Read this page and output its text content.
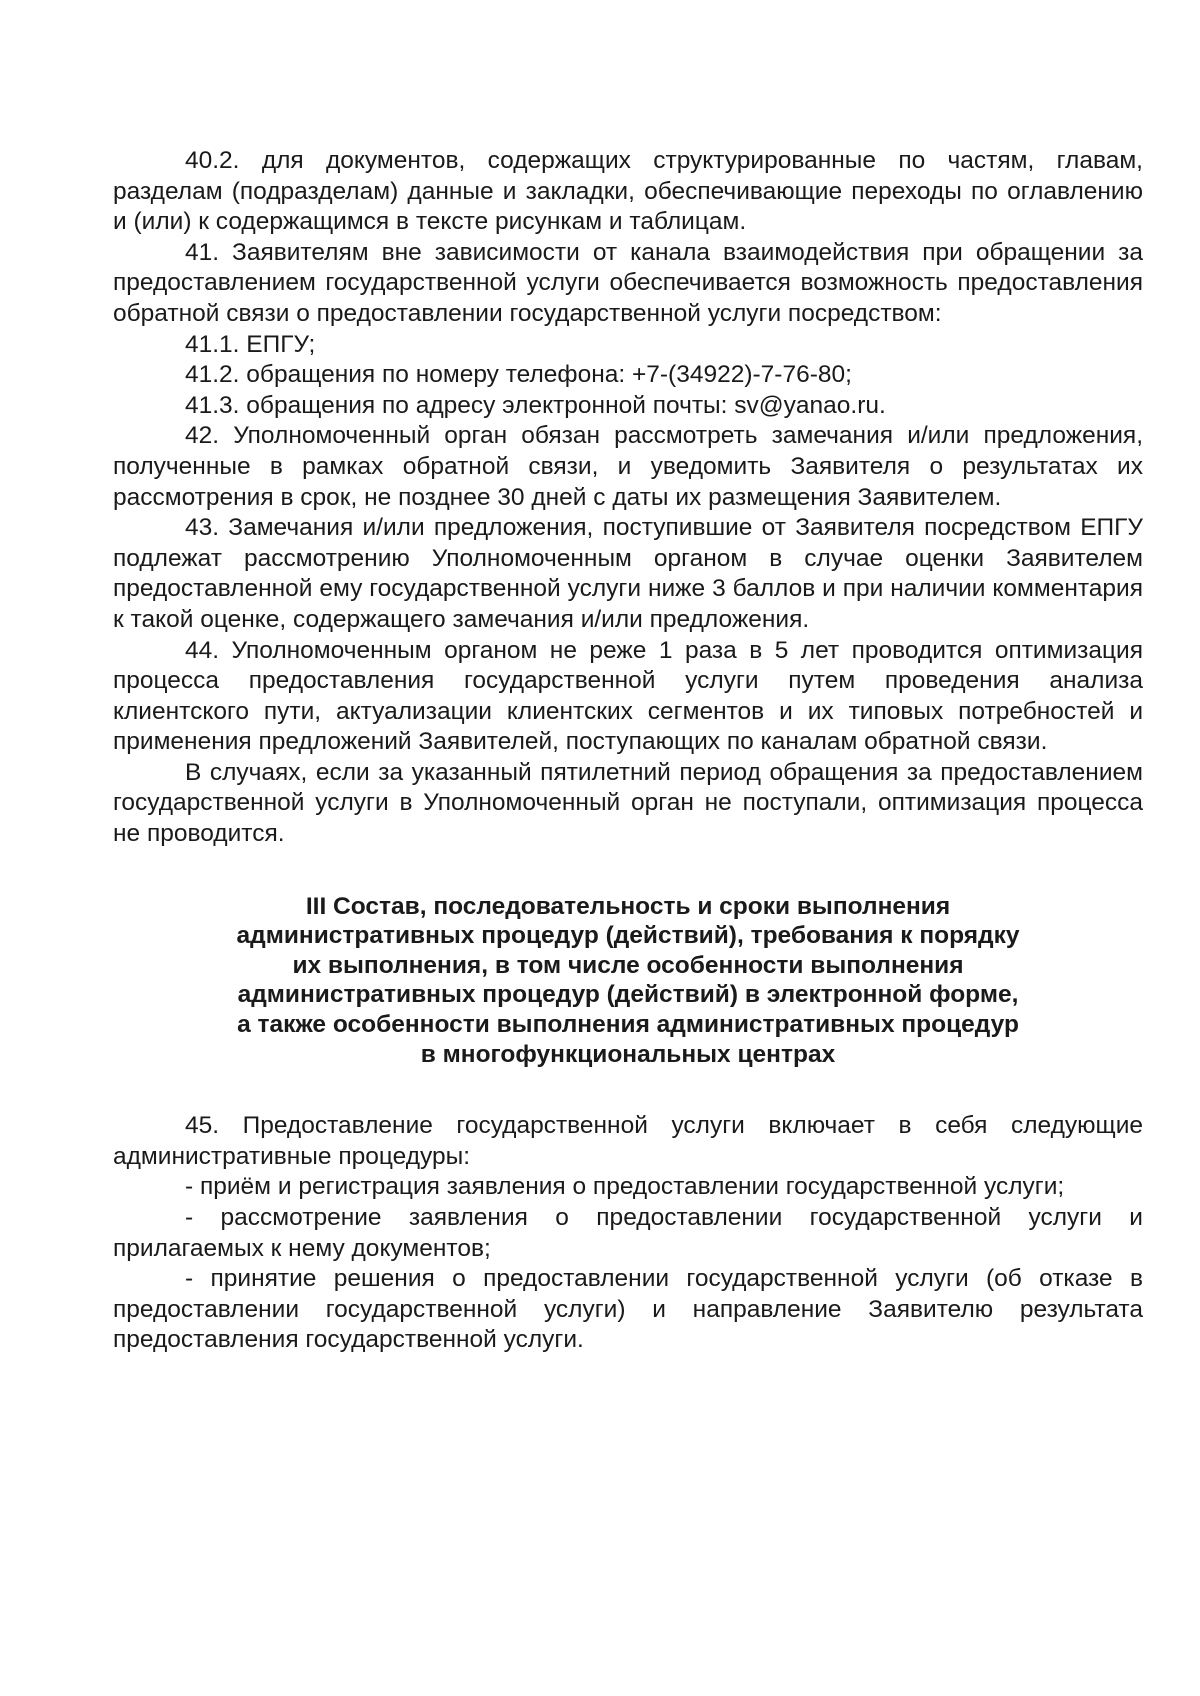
40.2. для документов, содержащих структурированные по частям, главам, разделам (подразделам) данные и закладки, обеспечивающие переходы по оглавлению и (или) к содержащимся в тексте рисункам и таблицам.

41. Заявителям вне зависимости от канала взаимодействия при обращении за предоставлением государственной услуги обеспечивается возможность предоставления обратной связи о предоставлении государственной услуги посредством:

41.1. ЕПГУ;

41.2. обращения по номеру телефона: +7-(34922)-7-76-80;

41.3. обращения по адресу электронной почты: sv@yanao.ru.

42. Уполномоченный орган обязан рассмотреть замечания и/или предложения, полученные в рамках обратной связи, и уведомить Заявителя о результатах их рассмотрения в срок, не позднее 30 дней с даты их размещения Заявителем.

43. Замечания и/или предложения, поступившие от Заявителя посредством ЕПГУ подлежат рассмотрению Уполномоченным органом в случае оценки Заявителем предоставленной ему государственной услуги ниже 3 баллов и при наличии комментария к такой оценке, содержащего замечания и/или предложения.

44. Уполномоченным органом не реже 1 раза в 5 лет проводится оптимизация процесса предоставления государственной услуги путем проведения анализа клиентского пути, актуализации клиентских сегментов и их типовых потребностей и применения предложений Заявителей, поступающих по каналам обратной связи.

В случаях, если за указанный пятилетний период обращения за предоставлением государственной услуги в Уполномоченный орган не поступали, оптимизация процесса не проводится.

III Состав, последовательность и сроки выполнения
административных процедур (действий), требования к порядку
их выполнения, в том числе особенности выполнения
административных процедур (действий) в электронной форме,
а также особенности выполнения административных процедур
в многофункциональных центрах

45. Предоставление государственной услуги включает в себя следующие административные процедуры:

- приём и регистрация заявления о предоставлении государственной услуги;

- рассмотрение заявления о предоставлении государственной услуги и прилагаемых к нему документов;

- принятие решения о предоставлении государственной услуги (об отказе в предоставлении государственной услуги) и направление Заявителю результата предоставления государственной услуги.
